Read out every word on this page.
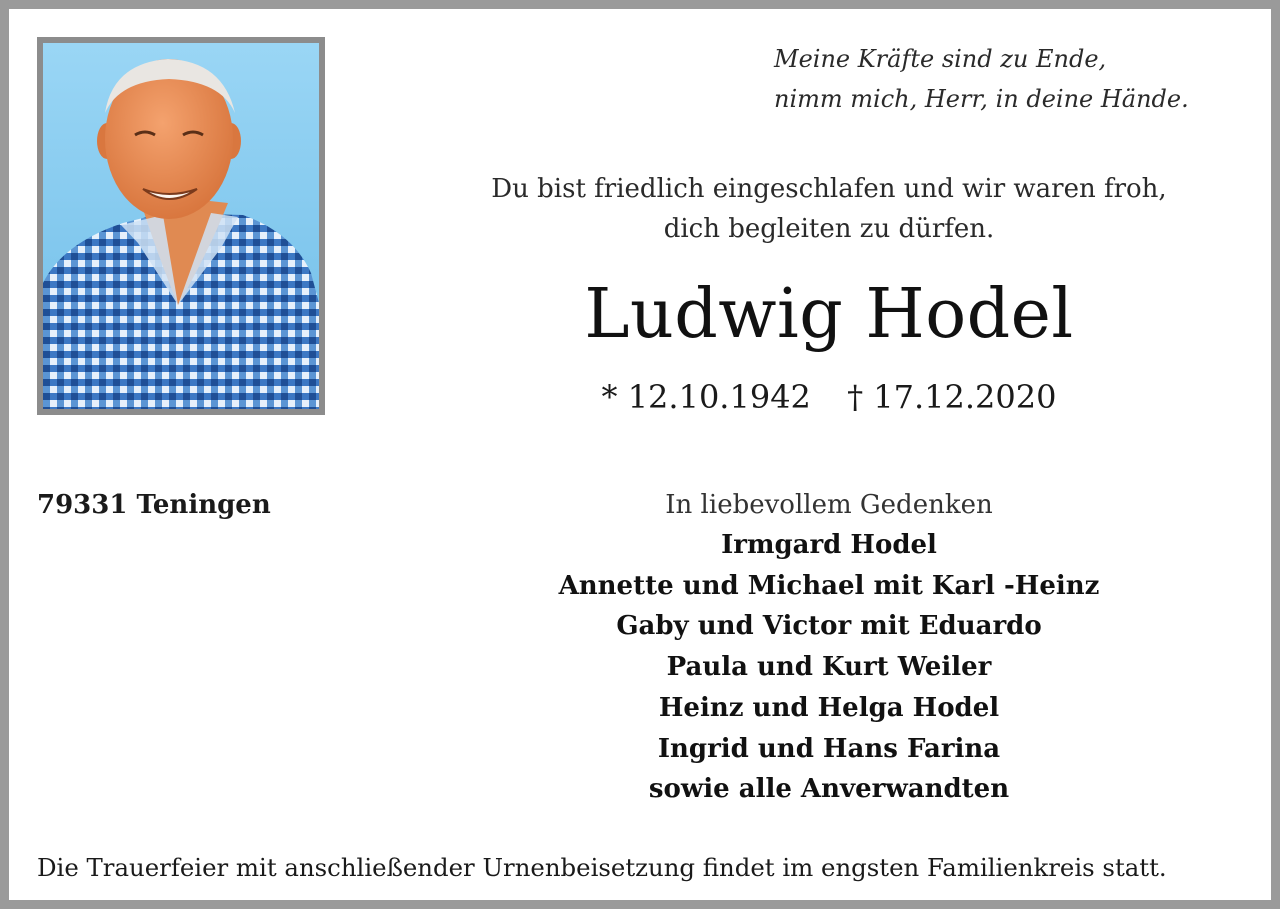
Meine Kräfte sind zu Ende,
nimm mich, Herr, in deine Hände.
Du bist friedlich eingeschlafen und wir waren froh,
dich begleiten zu dürfen.
Ludwig Hodel
* 12.10.1942 † 17.12.2020
79331 Teningen	In liebevollem Gedenken
Irmgard Hodel
Annette und Michael mit Karl -Heinz
Gaby und Victor mit Eduardo
Paula und Kurt Weiler
Heinz und Helga Hodel
Ingrid und Hans Farina
sowie alle Anverwandten
Die Trauerfeier mit anschließender Urnenbeisetzung findet im engsten Familienkreis statt.
